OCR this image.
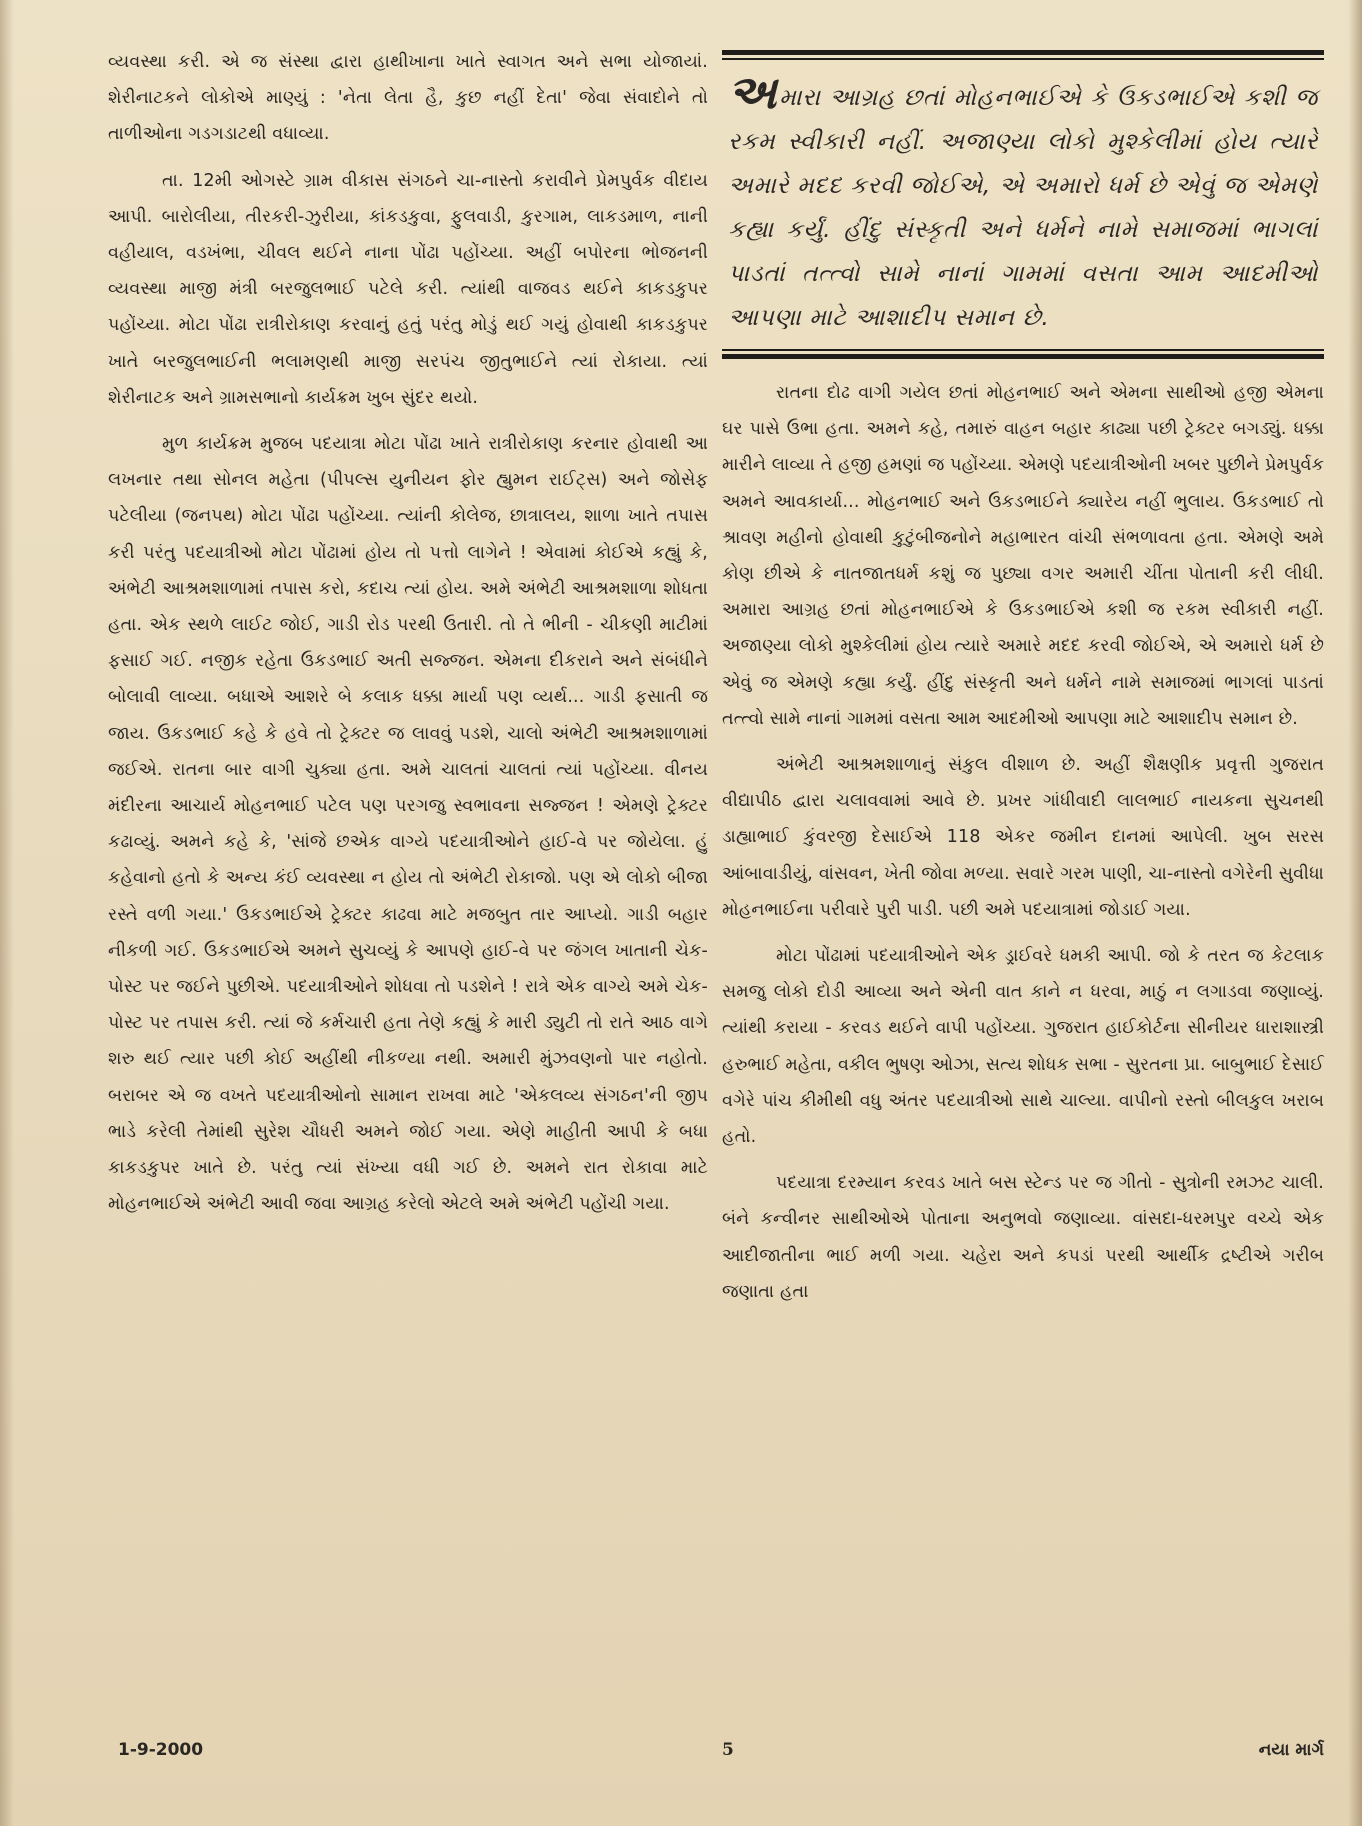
વ્યવસ્થા કરી. એ જ સંસ્થા દ્વારા હાથીખાના ખાતે સ્વાગત અને સભા યોજાયાં. શેરીનાટકને લોકોએ માણ્યું : 'નેતા લેતા હૈ, કુછ નહીં દેતા' જેવા સંવાદોને તો તાળીઓના ગડગડાટથી વધાવ્યા.

તા. 12મી ઓગસ્ટે ગ્રામ વીકાસ સંગઠને ચા-નાસ્તો કરાવીને પ્રેમપુર્વક વીદાય આપી. બારોલીયા, તીરકરી-ઝુરીયા, કાંકડકુવા, ફુલવાડી, કુરગામ, લાકડમાળ, નાની વહીયાલ, વડખંભા, ચીવલ થઈને નાના પોંઢા પહોંચ્યા. અહીં બપોરના ભોજનની વ્યવસ્થા માજી મંત્રી બરજુલભાઈ પટેલે કરી. ત્યાંથી વાજવડ થઈને કાકડકુપર પહોંચ્યા. મોટા પોંઢા રાત્રીરોકાણ કરવાનું હતું પરંતુ મોડું થઈ ગયું હોવાથી કાકડકુપર ખાતે બરજુલભાઈની ભલામણથી માજી સરપંચ જીતુભાઈને ત્યાં રોકાયા. ત્યાં શેરીનાટક અને ગ્રામસભાનો કાર્યક્રમ ખુબ સુંદર થયો.

મુળ કાર્યક્રમ મુજબ પદયાત્રા મોટા પોંઢા ખાતે રાત્રીરોકાણ કરનાર હોવાથી આ લખનાર તથા સોનલ મહેતા (પીપલ્સ યુનીયન ફોર હ્યુમન રાઈટ્સ) અને જોસેફ પટેલીયા (જનપથ) મોટા પોંઢા પહોંચ્યા. ત્યાંની કોલેજ, છાત્રાલય, શાળા ખાતે તપાસ કરી પરંતુ પદયાત્રીઓ મોટા પોંઢામાં હોય તો પત્તો લાગેને ! એવામાં કોઈએ કહ્યું કે, અંભેટી આશ્રમશાળામાં તપાસ કરો, કદાચ ત્યાં હોય. અમે અંભેટી આશ્રમશાળા શોધતા હતા. એક સ્થળે લાઈટ જોઈ, ગાડી રોડ પરથી ઉતારી. તો તે ભીની - ચીકણી માટીમાં ફસાઈ ગઈ. નજીક રહેતા ઉકડભાઈ અતી સજ્જન. એમના દીકરાને અને સંબંધીને બોલાવી લાવ્યા. બધાએ આશરે બે કલાક ધક્કા માર્યા પણ વ્યર્થ... ગાડી ફસાતી જ જાય. ઉકડભાઈ કહે કે હવે તો ટ્રેક્ટર જ લાવવું પડશે, ચાલો અંભેટી આશ્રમશાળામાં જઈએ. રાતના બાર વાગી ચુક્યા હતા. અમે ચાલતાં ચાલતાં ત્યાં પહોંચ્યા. વીનય મંદીરના આચાર્ય મોહનભાઈ પટેલ પણ પરગજુ સ્વભાવના સજ્જન ! એમણે ટ્રેક્ટર કઢાવ્યું. અમને કહે કે, 'સાંજે છએક વાગ્યે પદયાત્રીઓને હાઈ-વે પર જોયેલા. હું કહેવાનો હતો કે અન્ય કંઈ વ્યવસ્થા ન હોય તો અંભેટી રોકાજો. પણ એ લોકો બીજા રસ્તે વળી ગયા.' ઉકડભાઈએ ટ્રેક્ટર કાઢવા માટે મજબુત તાર આપ્યો. ગાડી બહાર નીકળી ગઈ. ઉકડભાઈએ અમને સુચવ્યું કે આપણે હાઈ-વે પર જંગલ ખાતાની ચેક-પોસ્ટ પર જઈને પુછીએ. પદયાત્રીઓને શોધવા તો પડશેને ! રાત્રે એક વાગ્યે અમે ચેક-પોસ્ટ પર તપાસ કરી. ત્યાં જે કર્મચારી હતા તેણે કહ્યું કે મારી ડ્યુટી તો રાતે આઠ વાગે શરુ થઈ ત્યાર પછી કોઈ અહીંથી નીકળ્યા નથી. અમારી મુંઝવણનો પાર નહોતો. બરાબર એ જ વખતે પદયાત્રીઓનો સામાન રાખવા માટે 'એકલવ્ય સંગઠન'ની જીપ ભાડે કરેલી તેમાંથી સુરેશ ચૌધરી અમને જોઈ ગયા. એણે માહીતી આપી કે બધા કાકડકુપર ખાતે છે. પરંતુ ત્યાં સંખ્યા વધી ગઈ છે. અમને રાત રોકાવા માટે મોહનભાઈએ અંભેટી આવી જવા આગ્રહ કરેલો એટલે અમે અંભેટી પહોંચી ગયા.

અમારા આગ્રહ છતાં મોહનભાઈએ કે ઉકડભાઈએ કશી જ રકમ સ્વીકારી નહીં. અજાણ્યા લોકો મુશ્કેલીમાં હોય ત્યારે અમારે મદદ કરવી જોઈએ, એ અમારો ધર્મ છે એવું જ એમણે કહ્યા કર્યું. હીંદુ સંસ્કૃતી અને ધર્મને નામે સમાજમાં ભાગલાં પાડતાં તત્ત્વો સામે નાનાં ગામમાં વસતા આમ આદમીઓ આપણા માટે આશાદીપ સમાન છે.

રાતના દોઢ વાગી ગયેલ છતાં મોહનભાઈ અને એમના સાથીઓ હજી એમના ઘર પાસે ઉભા હતા. અમને કહે, તમારું વાહન બહાર કાઢ્યા પછી ટ્રેક્ટર બગડ્યું. ધક્કા મારીને લાવ્યા તે હજી હમણાં જ પહોંચ્યા. એમણે પદયાત્રીઓની ખબર પુછીને પ્રેમપુર્વક અમને આવકાર્યા... મોહનભાઈ અને ઉકડભાઈને ક્યારેય નહીં ભુલાય. ઉકડભાઈ તો શ્રાવણ મહીનો હોવાથી કુટુંબીજનોને મહાભારત વાંચી સંભળાવતા હતા. એમણે અમે કોણ છીએ કે નાતજાતધર્મ કશું જ પુછ્યા વગર અમારી ચીંતા પોતાની કરી લીધી. અમારા આગ્રહ છતાં મોહનભાઈએ કે ઉકડભાઈએ કશી જ રકમ સ્વીકારી નહીં. અજાણ્યા લોકો મુશ્કેલીમાં હોય ત્યારે અમારે મદદ કરવી જોઈએ, એ અમારો ધર્મ છે એવું જ એમણે કહ્યા કર્યું. હીંદુ સંસ્કૃતી અને ધર્મને નામે સમાજમાં ભાગલાં પાડતાં તત્ત્વો સામે નાનાં ગામમાં વસતા આમ આદમીઓ આપણા માટે આશાદીપ સમાન છે.

અંભેટી આશ્રમશાળાનું સંકુલ વીશાળ છે. અહીં શૈક્ષણીક પ્રવૃત્તી ગુજરાત વીદ્યાપીઠ દ્વારા ચલાવવામાં આવે છે. પ્રખર ગાંધીવાદી લાલભાઈ નાયકના સુચનથી ડાહ્યાભાઈ કુંવરજી દેસાઈએ 118 એકર જમીન દાનમાં આપેલી. ખુબ સરસ આંબાવાડીયું, વાંસવન, ખેતી જોવા મળ્યા. સવારે ગરમ પાણી, ચા-નાસ્તો વગેરેની સુવીધા મોહનભાઈના પરીવારે પુરી પાડી. પછી અમે પદયાત્રામાં જોડાઈ ગયા.

મોટા પોંઢામાં પદયાત્રીઓને એક ડ્રાઈવરે ધમકી આપી. જો કે તરત જ કેટલાક સમજુ લોકો દોડી આવ્યા અને એની વાત કાને ન ધરવા, માઠું ન લગાડવા જણાવ્યું. ત્યાંથી કરાયા - કરવડ થઈને વાપી પહોંચ્યા. ગુજરાત હાઈકોર્ટના સીનીયર ધારાશાસ્ત્રી હરુભાઈ મહેતા, વકીલ ભુષણ ઓઝા, સત્ય શોધક સભા - સુરતના પ્રા. બાબુભાઈ દેસાઈ વગેરે પાંચ કીમીથી વધુ અંતર પદયાત્રીઓ સાથે ચાલ્યા. વાપીનો રસ્તો બીલકુલ ખરાબ હતો.

પદયાત્રા દરમ્યાન કરવડ ખાતે બસ સ્ટેન્ડ પર જ ગીતો - સુત્રોની રમઝટ ચાલી. બંને કન્વીનર સાથીઓએ પોતાના અનુભવો જણાવ્યા. વાંસદા-ધરમપુર વચ્ચે એક આદીજાતીના ભાઈ મળી ગયા. ચહેરા અને કપડાં પરથી આર્થીક દ્રષ્ટીએ ગરીબ જણાતા હતા

1-9-2000	5	નયા માર્ગ
